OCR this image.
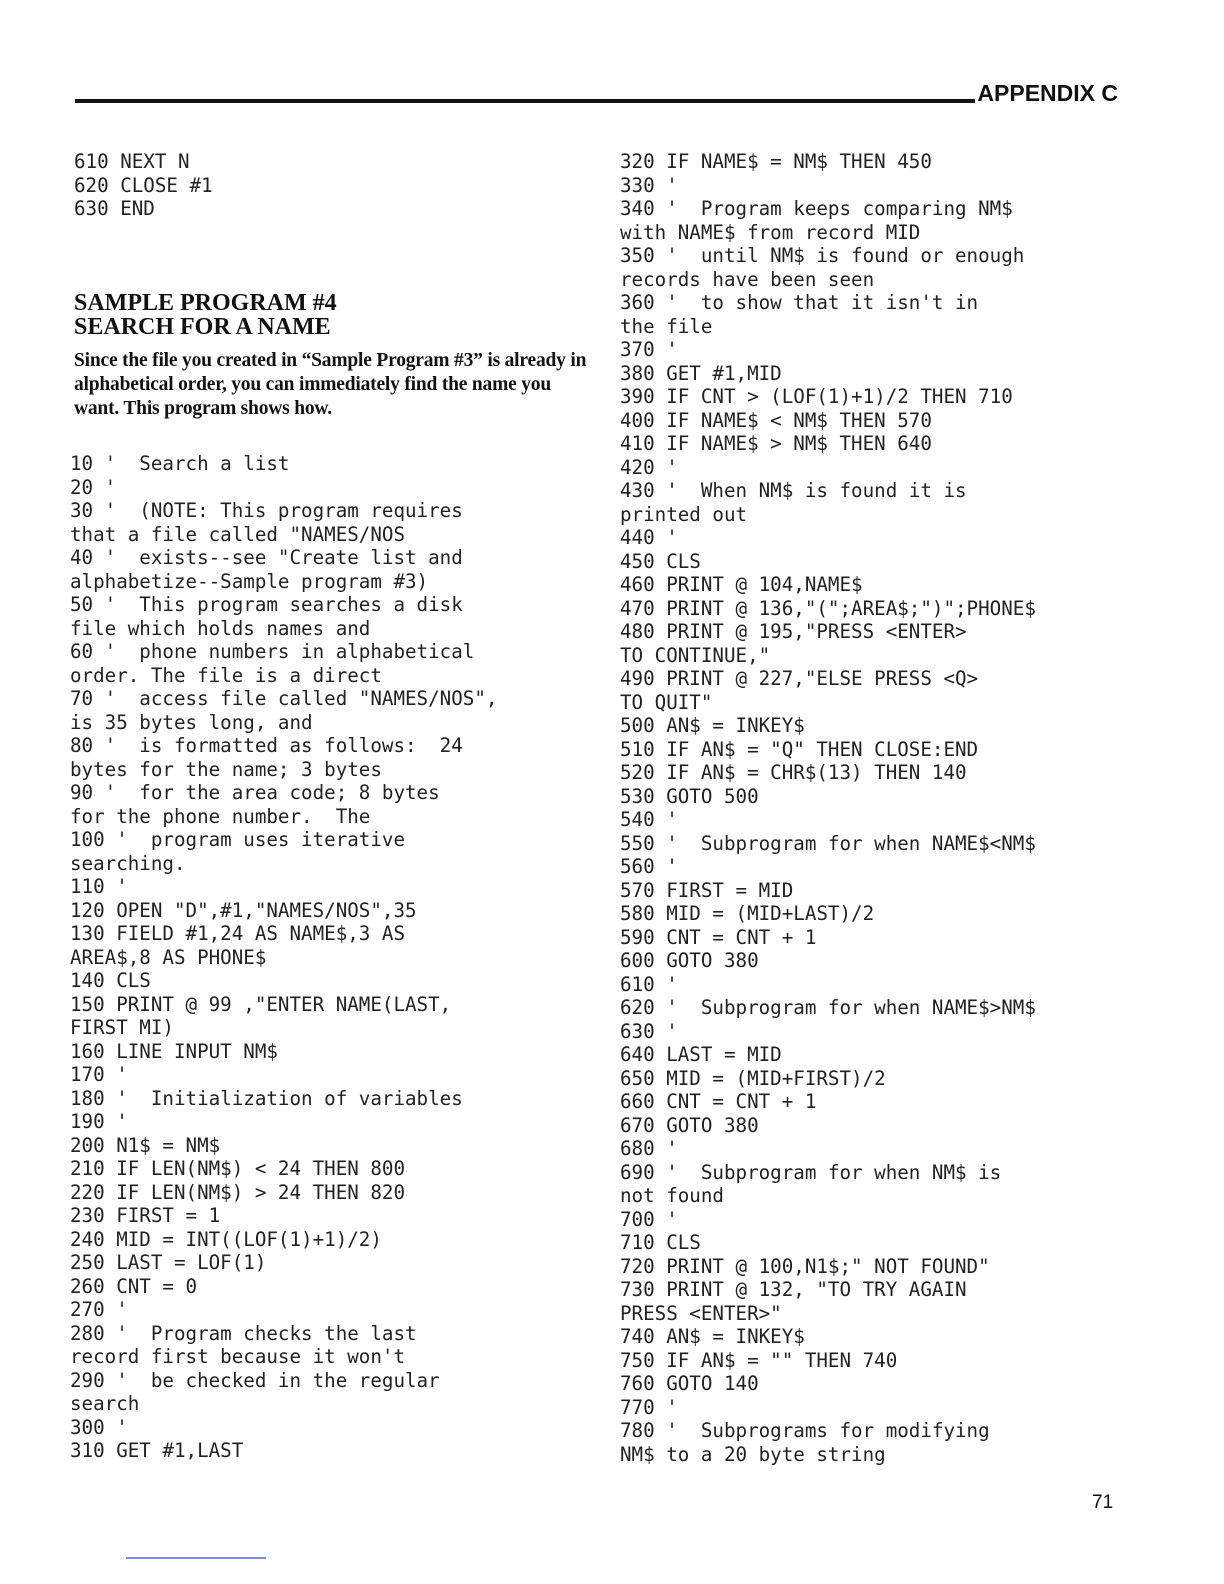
APPENDIX C
610 NEXT N
620 CLOSE #1
630 END
SAMPLE PROGRAM #4
SEARCH FOR A NAME
Since the file you created in “Sample Program #3” is already in alphabetical order, you can immediately find the name you want. This program shows how.
10 '  Search a list
20 '
30 '  (NOTE: This program requires
that a file called "NAMES/NOS
40 '  exists--see "Create list and
alphabetize--Sample program #3)
50 '  This program searches a disk
file which holds names and
60 '  phone numbers in alphabetical
order. The file is a direct
70 '  access file called "NAMES/NOS",
is 35 bytes long, and
80 '  is formatted as follows:  24
bytes for the name; 3 bytes
90 '  for the area code; 8 bytes
for the phone number.  The
100 '  program uses iterative
searching.
110 '
120 OPEN "D",#1,"NAMES/NOS",35
130 FIELD #1,24 AS NAME$,3 AS
AREA$,8 AS PHONE$
140 CLS
150 PRINT @ 99 ,"ENTER NAME(LAST,
FIRST MI)
160 LINE INPUT NM$
170 '
180 '  Initialization of variables
190 '
200 N1$ = NM$
210 IF LEN(NM$) < 24 THEN 800
220 IF LEN(NM$) > 24 THEN 820
230 FIRST = 1
240 MID = INT((LOF(1)+1)/2)
250 LAST = LOF(1)
260 CNT = 0
270 '
280 '  Program checks the last
record first because it won't
290 '  be checked in the regular
search
300 '
310 GET #1,LAST
320 IF NAME$ = NM$ THEN 450
330 '
340 '  Program keeps comparing NM$
with NAME$ from record MID
350 '  until NM$ is found or enough
records have been seen
360 '  to show that it isn't in
the file
370 '
380 GET #1,MID
390 IF CNT > (LOF(1)+1)/2 THEN 710
400 IF NAME$ < NM$ THEN 570
410 IF NAME$ > NM$ THEN 640
420 '
430 '  When NM$ is found it is
printed out
440 '
450 CLS
460 PRINT @ 104,NAME$
470 PRINT @ 136,"(";AREA$;")";PHONE$
480 PRINT @ 195,"PRESS <ENTER>
TO CONTINUE,"
490 PRINT @ 227,"ELSE PRESS <Q>
TO QUIT"
500 AN$ = INKEY$
510 IF AN$ = "Q" THEN CLOSE:END
520 IF AN$ = CHR$(13) THEN 140
530 GOTO 500
540 '
550 '  Subprogram for when NAME$<NM$
560 '
570 FIRST = MID
580 MID = (MID+LAST)/2
590 CNT = CNT + 1
600 GOTO 380
610 '
620 '  Subprogram for when NAME$>NM$
630 '
640 LAST = MID
650 MID = (MID+FIRST)/2
660 CNT = CNT + 1
670 GOTO 380
680 '
690 '  Subprogram for when NM$ is
not found
700 '
710 CLS
720 PRINT @ 100,N1$;" NOT FOUND"
730 PRINT @ 132, "TO TRY AGAIN
PRESS <ENTER>"
740 AN$ = INKEY$
750 IF AN$ = "" THEN 740
760 GOTO 140
770 '
780 '  Subprograms for modifying
NM$ to a 20 byte string
71
